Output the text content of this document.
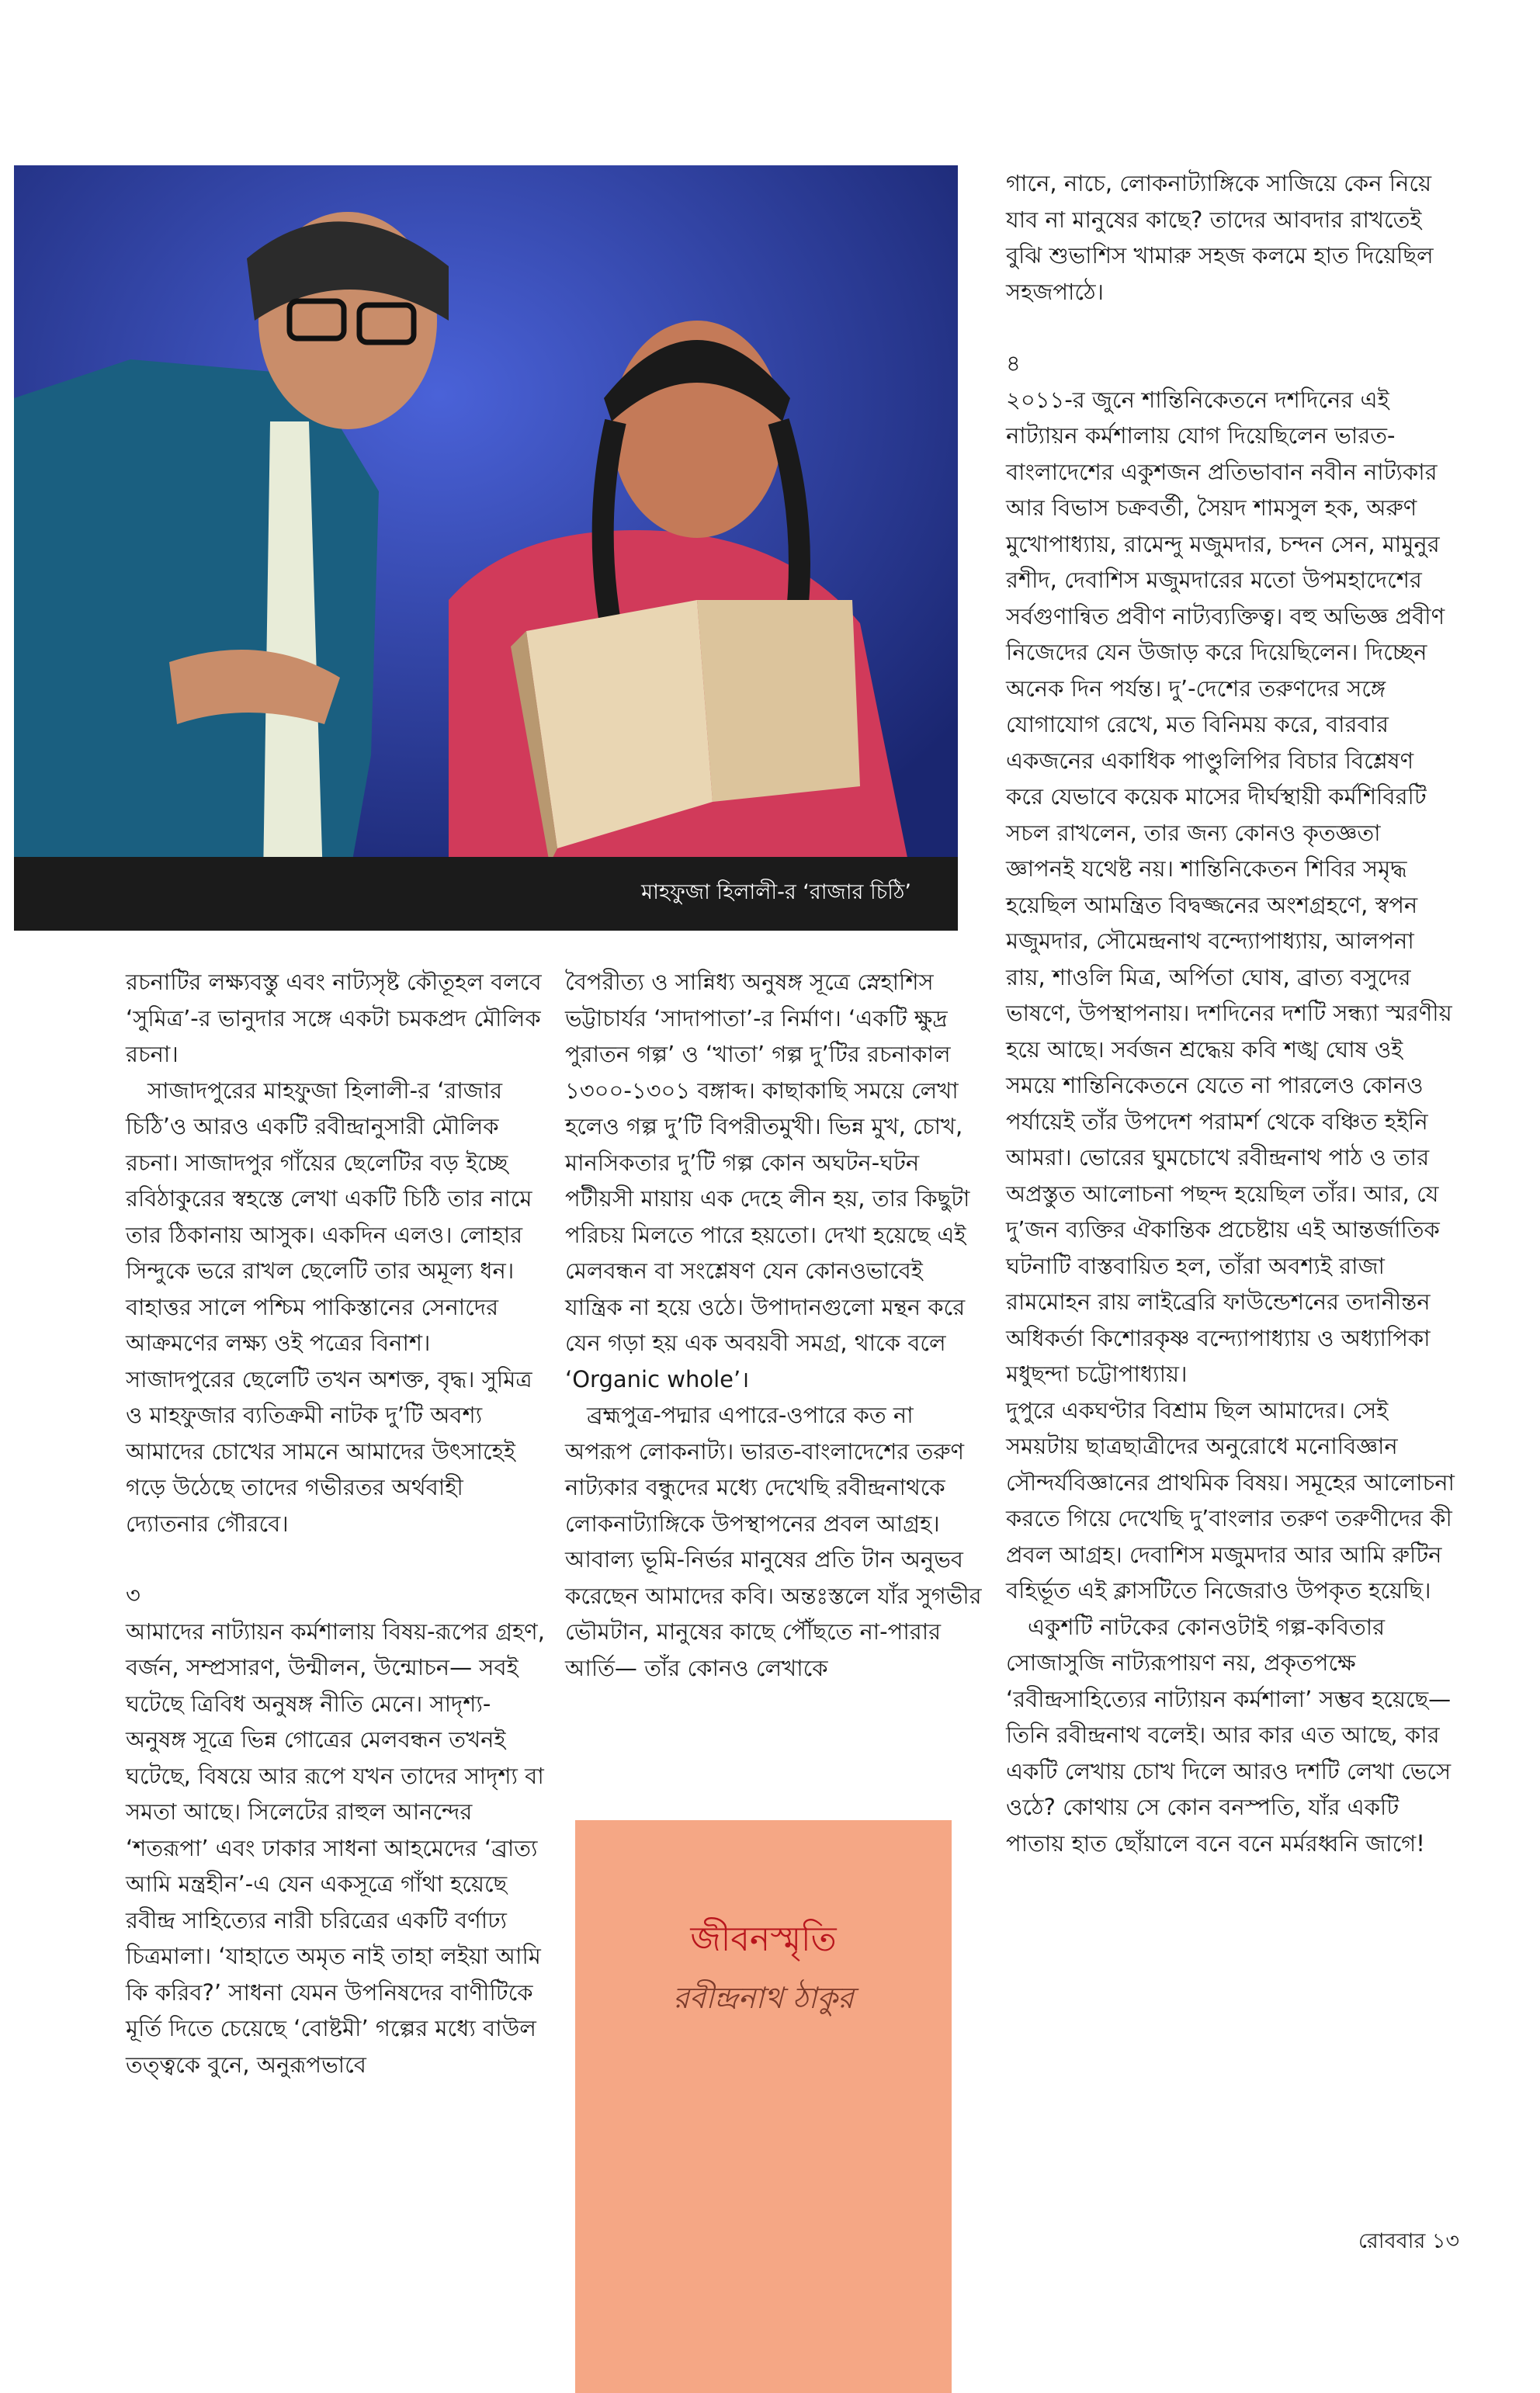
মাহফুজা হিলালী-র ‘রাজার চিঠি’

রচনাটির লক্ষ্যবস্তু এবং নাট্যসৃষ্ট কৌতূহল বলবে ‘সুমিত্র’-র ভানুদার সঙ্গে একটা চমকপ্রদ মৌলিক রচনা।

সাজাদপুরের মাহফুজা হিলালী-র ‘রাজার চিঠি’ও আরও একটি রবীন্দ্রানুসারী মৌলিক রচনা। সাজাদপুর গাঁয়ের ছেলেটির বড় ইচ্ছে রবিঠাকুরের স্বহস্তে লেখা একটি চিঠি তার নামে তার ঠিকানায় আসুক। একদিন এলও। লোহার সিন্দুকে ভরে রাখল ছেলেটি তার অমূল্য ধন। বাহাত্তর সালে পশ্চিম পাকিস্তানের সেনাদের আক্রমণের লক্ষ্য ওই পত্রের বিনাশ। সাজাদপুরের ছেলেটি তখন অশক্ত, বৃদ্ধ। সুমিত্র ও মাহফুজার ব্যতিক্রমী নাটক দু’টি অবশ্য আমাদের চোখের সামনে আমাদের উৎসাহেই গড়ে উঠেছে তাদের গভীরতর অর্থবাহী দ্যোতনার গৌরবে।

৩

আমাদের নাট্যায়ন কর্মশালায় বিষয়-রূপের গ্রহণ, বর্জন, সম্প্রসারণ, উন্মীলন, উন্মোচন— সবই ঘটেছে ত্রিবিধ অনুষঙ্গ নীতি মেনে। সাদৃশ্য-অনুষঙ্গ সূত্রে ভিন্ন গোত্রের মেলবন্ধন তখনই ঘটেছে, বিষয়ে আর রূপে যখন তাদের সাদৃশ্য বা সমতা আছে। সিলেটের রাহুল আনন্দের ‘শতরূপা’ এবং ঢাকার সাধনা আহমেদের ‘ব্রাত্য আমি মন্ত্রহীন’-এ যেন একসূত্রে গাঁথা হয়েছে রবীন্দ্র সাহিত্যের নারী চরিত্রের একটি বর্ণাঢ্য চিত্রমালা। ‘যাহাতে অমৃত নাই তাহা লইয়া আমি কি করিব?’ সাধনা যেমন উপনিষদের বাণীটিকে মূর্তি দিতে চেয়েছে ‘বোষ্টমী’ গল্পের মধ্যে বাউল তত্ত্বকে বুনে, অনুরূপভাবে

বৈপরীত্য ও সান্নিধ্য অনুষঙ্গ সূত্রে স্নেহাশিস ভট্টাচার্যর ‘সাদাপাতা’-র নির্মাণ। ‘একটি ক্ষুদ্র পুরাতন গল্প’ ও ‘খাতা’ গল্প দু’টির রচনাকাল ১৩০০-১৩০১ বঙ্গাব্দ। কাছাকাছি সময়ে লেখা হলেও গল্প দু’টি বিপরীতমুখী। ভিন্ন মুখ, চোখ, মানসিকতার দু’টি গল্প কোন অঘটন-ঘটন পটীয়সী মায়ায় এক দেহে লীন হয়, তার কিছুটা পরিচয় মিলতে পারে হয়তো। দেখা হয়েছে এই মেলবন্ধন বা সংশ্লেষণ যেন কোনওভাবেই যান্ত্রিক না হয়ে ওঠে। উপাদানগুলো মন্থন করে যেন গড়া হয় এক অবয়বী সমগ্র, থাকে বলে ‘Organic whole’।

ব্রহ্মপুত্র-পদ্মার এপারে-ওপারে কত না অপরূপ লোকনাট্য। ভারত-বাংলাদেশের তরুণ নাট্যকার বন্ধুদের মধ্যে দেখেছি রবীন্দ্রনাথকে লোকনাট্যাঙ্গিকে উপস্থাপনের প্রবল আগ্রহ। আবাল্য ভূমি-নির্ভর মানুষের প্রতি টান অনুভব করেছেন আমাদের কবি। অন্তঃস্তলে যাঁর সুগভীর ভৌমটান, মানুষের কাছে পৌঁছতে না-পারার আর্তি— তাঁর কোনও লেখাকে

গানে, নাচে, লোকনাট্যাঙ্গিকে সাজিয়ে কেন নিয়ে যাব না মানুষের কাছে? তাদের আবদার রাখতেই বুঝি শুভাশিস খামারু সহজ কলমে হাত দিয়েছিল সহজপাঠে।

৪

২০১১-র জুনে শান্তিনিকেতনে দশদিনের এই নাট্যায়ন কর্মশালায় যোগ দিয়েছিলেন ভারত-বাংলাদেশের একুশজন প্রতিভাবান নবীন নাট্যকার আর বিভাস চক্রবর্তী, সৈয়দ শামসুল হক, অরুণ মুখোপাধ্যায়, রামেন্দু মজুমদার, চন্দন সেন, মামুনুর রশীদ, দেবাশিস মজুমদারের মতো উপমহাদেশের সর্বগুণান্বিত প্রবীণ নাট্যব্যক্তিত্ব। বহু অভিজ্ঞ প্রবীণ নিজেদের যেন উজাড় করে দিয়েছিলেন। দিচ্ছেন অনেক দিন পর্যন্ত। দু’-দেশের তরুণদের সঙ্গে যোগাযোগ রেখে, মত বিনিময় করে, বারবার একজনের একাধিক পাণ্ডুলিপির বিচার বিশ্লেষণ করে যেভাবে কয়েক মাসের দীর্ঘস্থায়ী কর্মশিবিরটি সচল রাখলেন, তার জন্য কোনও কৃতজ্ঞতা জ্ঞাপনই যথেষ্ট নয়। শান্তিনিকেতন শিবির সমৃদ্ধ হয়েছিল আমন্ত্রিত বিদ্বজ্জনের অংশগ্রহণে, স্বপন মজুমদার, সৌমেন্দ্রনাথ বন্দ্যোপাধ্যায়, আলপনা রায়, শাওলি মিত্র, অর্পিতা ঘোষ, ব্রাত্য বসুদের ভাষণে, উপস্থাপনায়। দশদিনের দশটি সন্ধ্যা স্মরণীয় হয়ে আছে। সর্বজন শ্রদ্ধেয় কবি শঙ্খ ঘোষ ওই সময়ে শান্তিনিকেতনে যেতে না পারলেও কোনও পর্যায়েই তাঁর উপদেশ পরামর্শ থেকে বঞ্চিত হইনি আমরা। ভোরের ঘুমচোখে রবীন্দ্রনাথ পাঠ ও তার অপ্রস্তুত আলোচনা পছন্দ হয়েছিল তাঁর। আর, যে দু’জন ব্যক্তির ঐকান্তিক প্রচেষ্টায় এই আন্তর্জাতিক ঘটনাটি বাস্তবায়িত হল, তাঁরা অবশ্যই রাজা রামমোহন রায় লাইব্রেরি ফাউন্ডেশনের তদানীন্তন অধিকর্তা কিশোরকৃষ্ণ বন্দ্যোপাধ্যায় ও অধ্যাপিকা মধুছন্দা চট্টোপাধ্যায়।

দুপুরে একঘণ্টার বিশ্রাম ছিল আমাদের। সেই সময়টায় ছাত্রছাত্রীদের অনুরোধে মনোবিজ্ঞান সৌন্দর্যবিজ্ঞানের প্রাথমিক বিষয়। সমূহের আলোচনা করতে গিয়ে দেখেছি দু’বাংলার তরুণ তরুণীদের কী প্রবল আগ্রহ। দেবাশিস মজুমদার আর আমি রুটিন বহির্ভূত এই ক্লাসটিতে নিজেরাও উপকৃত হয়েছি।

একুশটি নাটকের কোনওটাই গল্প-কবিতার সোজাসুজি নাট্যরূপায়ণ নয়, প্রকৃতপক্ষে ‘রবীন্দ্রসাহিত্যের নাট্যায়ন কর্মশালা’ সম্ভব হয়েছে— তিনি রবীন্দ্রনাথ বলেই। আর কার এত আছে, কার একটি লেখায় চোখ দিলে আরও দশটি লেখা ভেসে ওঠে? কোথায় সে কোন বনস্পতি, যাঁর একটি পাতায় হাত ছোঁয়ালে বনে বনে মর্মরধ্বনি জাগে!

জীবনস্মৃতি
রবীন্দ্রনাথ ঠাকুর
রোববার ১৩
